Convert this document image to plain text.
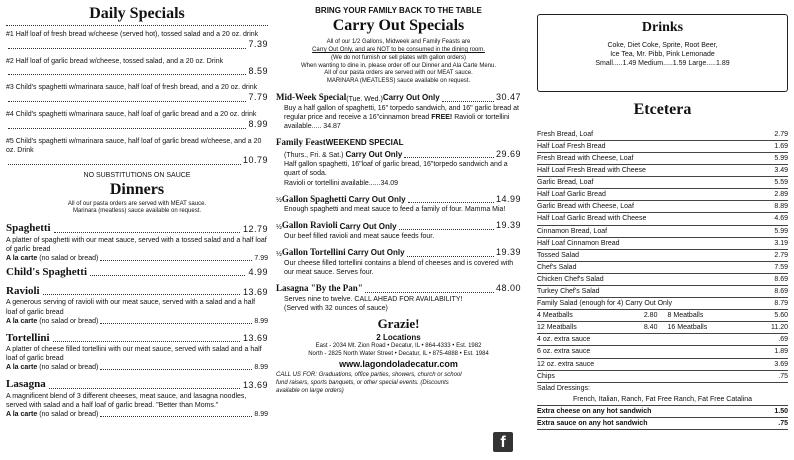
Daily Specials
#1 Half loaf of fresh bread w/cheese (served hot), tossed salad and a 20 oz. drink
7.39
#2 Half loaf of garlic bread w/cheese, tossed salad, and a 20 oz. Drink
8.59
#3 Child's spaghetti w/marinara sauce, half loaf of fresh bread, and a 20 oz. drink
7.79
#4 Child's spaghetti w/marinara sauce, half loaf of garlic bread and a 20 oz. drink
8.99
#5 Child's spaghetti w/marinara sauce, half loaf of garlic bread w/cheese, and a 20 oz. Drink
10.79
NO SUBSTITUTIONS ON SAUCE
Dinners
All of our pasta orders are served with MEAT sauce.
Marinara (meatless) sauce available on request.
Spaghetti	12.79
A platter of spaghetti with our meat sauce, served with a tossed salad and a half loaf of garlic bread
A la carte (no salad or bread)	7.99
Child's Spaghetti	4.99
Ravioli	13.69
A generous serving of ravioli with our meat sauce, served with a salad and a half loaf of garlic bread
A la carte (no salad or bread)	8.99
Tortellini	13.69
A platter of cheese filled tortellini with our meat sauce, served with salad and a half loaf of garlic bread
A la carte (no salad or bread)	8.99
Lasagna	13.69
A magnificent blend of 3 different cheeses, meat sauce, and lasagna noodles, served with salad and a half loaf of garlic bread. "Better than Moms."
A la carte (no salad or bread)	8.99
BRING YOUR FAMILY BACK TO THE TABLE
Carry Out Specials
All of our 1/2 Gallons, Midweek and Family Feasts are
Carry Out Only, and are NOT to be consumed in the dining room.
(We do not furnish or sell plates with gallon orders)
When wanting to dine in, please order off our Dinner and Ala Carte Menu.
All of our pasta orders are served with our MEAT sauce.
MARINARA (MEATLESS) sauce available on request.
Mid-Week Special (Tue. Wed.) Carry Out Only	30.47
Buy a half gallon of spaghetti, 16" torpedo sandwich, and 16" garlic bread at regular price and receive a 16"cinnamon bread FREE! Ravioli or tortellini available..... 34.87
Family Feast WEEKEND SPECIAL
(Thurs., Fri. & Sat.) Carry Out Only	29.69
Half gallon spaghetti, 16"loaf of garlic bread, 16"torpedo sandwich and a quart of soda.
Ravioli or tortellini available......34.09
½ Gallon Spaghetti Carry Out Only	14.99
Enough spaghetti and meat sauce to feed a family of four. Mamma Mia!
½ Gallon Ravioli Carry Out Only	19.39
Our beef filled ravioli and meat sauce feeds four.
½ Gallon Tortellini Carry Out Only	19.39
Our cheese filled tortellini contains a blend of cheeses and is covered with our meat sauce. Serves four.
Lasagna "By the Pan"	48.00
Serves nine to twelve. CALL AHEAD FOR AVAILABILITY!
(Served with 32 ounces of sauce)
Grazie!
2 Locations
East - 2034 Mt. Zion Road • Decatur, IL • 864-4333 • Est. 1982
North - 2825 North Water Street • Decatur, IL • 875-4888 • Est. 1984
www.lagondoladecatur.com
CALL US FOR: Graduations, office parties, showers, church or school fund raisers, sports banquets, or other special events. (Discounts available on large orders)
f
Drinks
Coke, Diet Coke, Sprite, Root Beer,
Ice Tea, Mr. Pibb, Pink Lemonade
Small.....1.49 Medium.....1.59 Large.....1.89
Etcetera
Fresh Bread, Loaf	2.79
Half Loaf Fresh Bread	1.69
Fresh Bread with Cheese, Loaf	5.99
Half Loaf Fresh Bread with Cheese	3.49
Garlic Bread, Loaf	5.59
Half Loaf Garlic Bread	2.89
Garlic Bread with Cheese, Loaf	8.89
Half Loaf Garlic Bread with Cheese	4.69
Cinnamon Bread, Loaf	5.99
Half Loaf Cinnamon Bread	3.19
Tossed Salad	2.79
Chef's Salad	7.59
Chicken Chef's Salad	8.69
Turkey Chef's Salad	8.69
Family Salad (enough for 4) Carry Out Only	8.79
4 Meatballs	2.80 8 Meatballs	5.60
12 Meatballs	8.40 16 Meatballs	11.20
4 oz. extra sauce	.69
6 oz. extra sauce	1.89
12 oz. extra sauce	3.69
Chips	.75
Salad Dressings:
French, Italian, Ranch, Fat Free Ranch, Fat Free Catalina
Extra cheese on any hot sandwich	1.50
Extra sauce on any hot sandwich	.75
